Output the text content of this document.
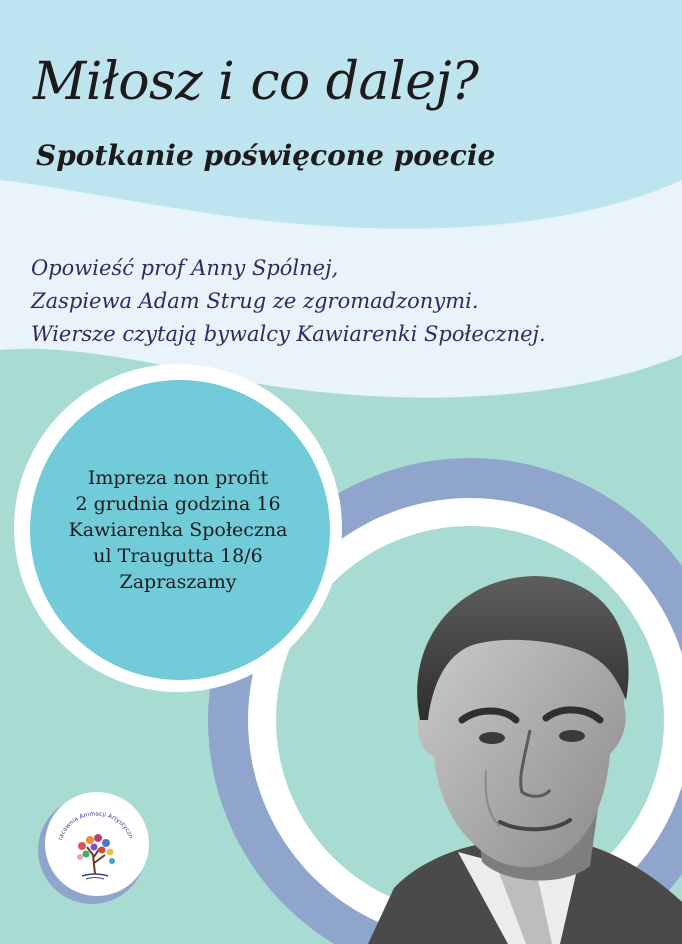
Miłosz i co dalej?
Spotkanie poświęcone poecie
Opowieść prof Anny Spólnej,
Zaspiewa Adam Strug ze zgromadzonymi.
Wiersze czytają bywalcy Kawiarenki Społecznej.
Impreza non profit
2 grudnia godzina 16
Kawiarenka Społeczna
ul Traugutta 18/6
Zapraszamy
racownia Animacji Artystyczn
